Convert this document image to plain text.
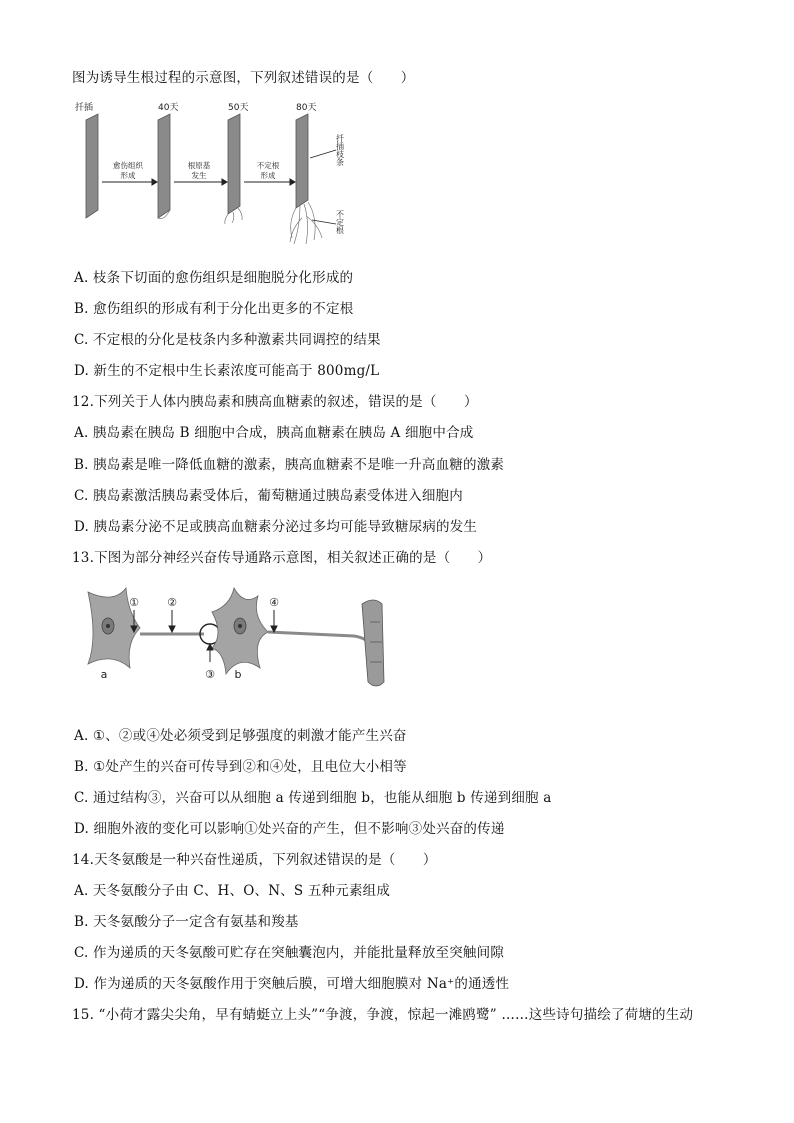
图为诱导生根过程的示意图，下列叙述错误的是（　　）
扦插	40天	50天	80天
愈伤组织
形成
根原基
发生
不定根
形成
扦插枝条
不定根
A. 枝条下切面的愈伤组织是细胞脱分化形成的
B. 愈伤组织的形成有利于分化出更多的不定根
C. 不定根的分化是枝条内多种激素共同调控的结果
D. 新生的不定根中生长素浓度可能高于 800mg/L
12.下列关于人体内胰岛素和胰高血糖素的叙述，错误的是（　　）
A. 胰岛素在胰岛 B 细胞中合成，胰高血糖素在胰岛 A 细胞中合成
B. 胰岛素是唯一降低血糖的激素，胰高血糖素不是唯一升高血糖的激素
C. 胰岛素激活胰岛素受体后，葡萄糖通过胰岛素受体进入细胞内
D. 胰岛素分泌不足或胰高血糖素分泌过多均可能导致糖尿病的发生
13.下图为部分神经兴奋传导通路示意图，相关叙述正确的是（　　）
①	②
③
④
a	b
A. ①、②或④处必须受到足够强度的刺激才能产生兴奋
B. ①处产生的兴奋可传导到②和④处，且电位大小相等
C. 通过结构③，兴奋可以从细胞 a 传递到细胞 b，也能从细胞 b 传递到细胞 a
D. 细胞外液的变化可以影响①处兴奋的产生，但不影响③处兴奋的传递
14.天冬氨酸是一种兴奋性递质，下列叙述错误的是（　　）
A. 天冬氨酸分子由 C、H、O、N、S 五种元素组成
B. 天冬氨酸分子一定含有氨基和羧基
C. 作为递质的天冬氨酸可贮存在突触囊泡内，并能批量释放至突触间隙
D. 作为递质的天冬氨酸作用于突触后膜，可增大细胞膜对 Na⁺的通透性
15. “小荷才露尖尖角，早有蜻蜓立上头”“争渡，争渡，惊起一滩鸥鹭” ……这些诗句描绘了荷塘的生动
